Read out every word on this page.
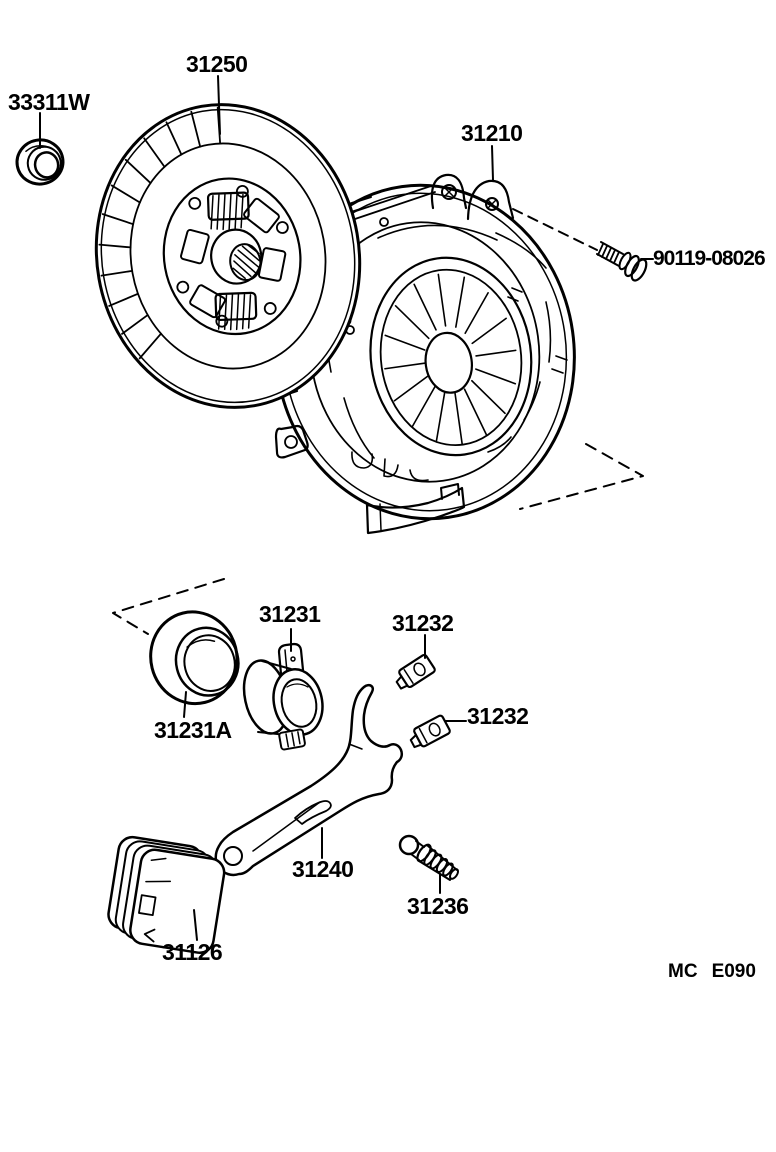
33311W
31250
31210
90119-08026
31231	31232
31231A
31232
31240
31236
31126
MC E090
